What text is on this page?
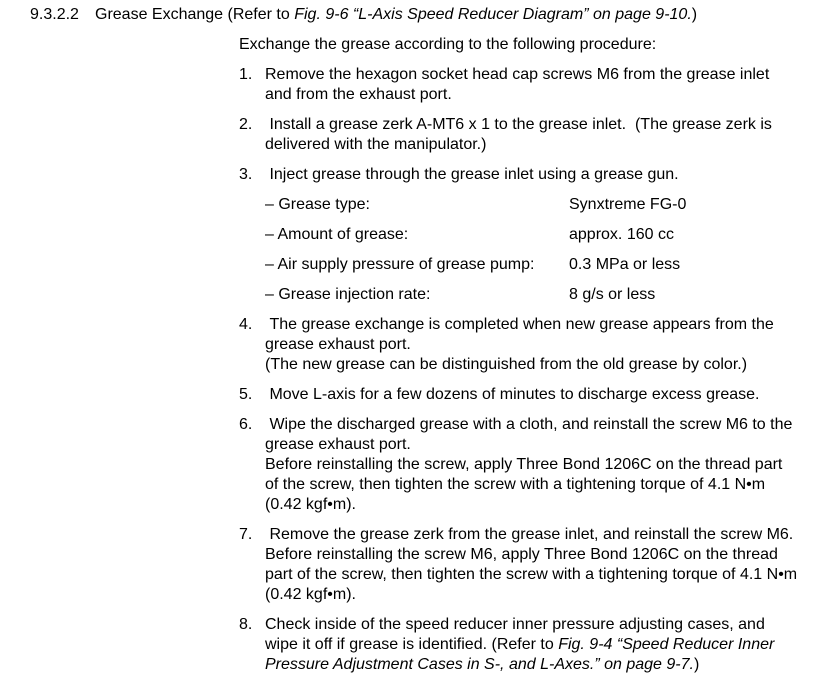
9.3.2.2 Grease Exchange (Refer to Fig. 9-6 “L-Axis Speed Reducer Diagram” on page 9-10.)
Exchange the grease according to the following procedure:
1. Remove the hexagon socket head cap screws M6 from the grease inlet and from the exhaust port.
2. Install a grease zerk A-MT6 x 1 to the grease inlet.  (The grease zerk is delivered with the manipulator.)
3. Inject grease through the grease inlet using a grease gun.
– Grease type:	Synxtreme FG-0
– Amount of grease:	approx. 160 cc
– Air supply pressure of grease pump: 0.3 MPa or less
– Grease injection rate:	8 g/s or less
4. The grease exchange is completed when new grease appears from the grease exhaust port.
(The new grease can be distinguished from the old grease by color.)
5. Move L-axis for a few dozens of minutes to discharge excess grease.
6. Wipe the discharged grease with a cloth, and reinstall the screw M6 to the grease exhaust port.
Before reinstalling the screw, apply Three Bond 1206C on the thread part of the screw, then tighten the screw with a tightening torque of 4.1 N•m (0.42 kgf•m).
7. Remove the grease zerk from the grease inlet, and reinstall the screw M6.  Before reinstalling the screw M6, apply Three Bond 1206C on the thread part of the screw, then tighten the screw with a tightening torque of 4.1 N•m (0.42 kgf•m).
8. Check inside of the speed reducer inner pressure adjusting cases, and wipe it off if grease is identified. (Refer to Fig. 9-4 “Speed Reducer Inner Pressure Adjustment Cases in S-, and L-Axes.” on page 9-7.)
